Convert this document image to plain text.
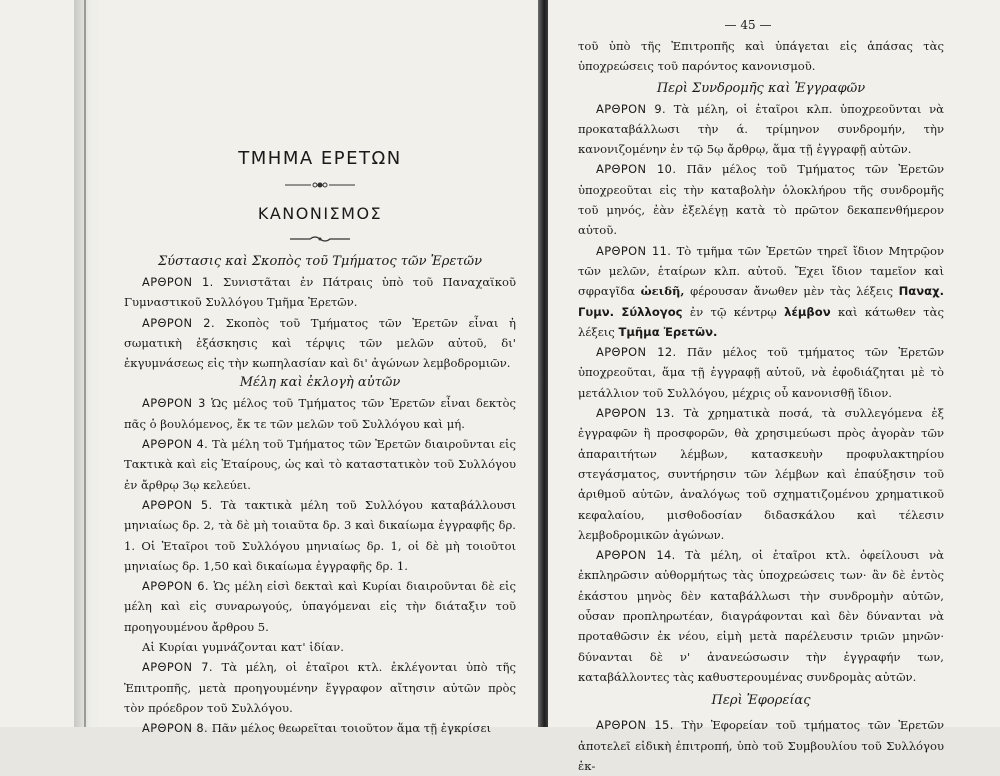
ΤΜΗΜΑ ΕΡΕΤΩΝ
ΚΑΝΟΝΙΣΜΟΣ
Σύστασις καὶ Σκοπὸς τοῦ Τμήματος τῶν Ἐρετῶν

ΑΡΘΡΟΝ 1. Συνιστᾶται ἐν Πάτραις ὑπὸ τοῦ Παναχαϊκοῦ Γυμναστικοῦ Συλλόγου Τμῆμα Ἐρετῶν.

ΑΡΘΡΟΝ 2. Σκοπὸς τοῦ Τμήματος τῶν Ἐρετῶν εἶναι ἡ σωματικὴ ἐξάσκησις καὶ τέρψις τῶν μελῶν αὐτοῦ, δι' ἐκγυμνάσεως εἰς τὴν κωπηλασίαν καὶ δι' ἀγώνων λεμβοδρομιῶν.

Μέλη καὶ ἐκλογὴ αὐτῶν

ΑΡΘΡΟΝ 3 Ὡς μέλος τοῦ Τμήματος τῶν Ἐρετῶν εἶναι δεκτὸς πᾶς ὁ βουλόμενος, ἔκ τε τῶν μελῶν τοῦ Συλλόγου καὶ μή.

ΑΡΘΡΟΝ 4. Τὰ μέλη τοῦ Τμήματος τῶν Ἐρετῶν διαιροῦνται εἰς Τακτικὰ καὶ εἰς Ἑταίρους, ὡς καὶ τὸ καταστατικὸν τοῦ Συλλόγου ἐν ἄρθρῳ 3ῳ κελεύει.

ΑΡΘΡΟΝ 5. Τὰ τακτικὰ μέλη τοῦ Συλλόγου καταβάλλουσι μηνιαίως δρ. 2, τὰ δὲ μὴ τοιαῦτα δρ. 3 καὶ δικαίωμα ἐγγραφῆς δρ. 1. Οἱ Ἑταῖροι τοῦ Συλλόγου μηνιαίως δρ. 1, οἱ δὲ μὴ τοιοῦτοι μηνιαίως δρ. 1,50 καὶ δικαίωμα ἐγγραφῆς δρ. 1.

ΑΡΘΡΟΝ 6. Ὡς μέλη εἰσὶ δεκταὶ καὶ Κυρίαι διαιροῦνται δὲ εἰς μέλη καὶ εἰς συναρωγούς, ὑπαγόμεναι εἰς τὴν διάταξιν τοῦ προηγουμένου ἄρθρου 5.

Αἱ Κυρίαι γυμνάζονται κατ' ἰδίαν.

ΑΡΘΡΟΝ 7. Τὰ μέλη, οἱ ἑταῖροι κτλ. ἐκλέγονται ὑπὸ τῆς Ἐπιτροπῆς, μετὰ προηγουμένην ἔγγραφον αἴτησιν αὐτῶν πρὸς τὸν πρόεδρον τοῦ Συλλόγου.

ΑΡΘΡΟΝ 8. Πᾶν μέλος θεωρεῖται τοιοῦτον ἅμα τῇ ἐγκρίσει

— 45 —

τοῦ ὑπὸ τῆς Ἐπιτροπῆς καὶ ὑπάγεται εἰς ἁπάσας τὰς ὑποχρεώσεις τοῦ παρόντος κανονισμοῦ.

Περὶ Συνδρομῆς καὶ Ἐγγραφῶν

ΑΡΘΡΟΝ 9. Τὰ μέλη, οἱ ἑταῖροι κλπ. ὑποχρεοῦνται νὰ προκαταβάλλωσι τὴν ά. τρίμηνον συνδρομήν, τὴν κανονιζομένην ἐν τῷ 5ῳ ἄρθρῳ, ἅμα τῇ ἐγγραφῇ αὐτῶν.

ΑΡΘΡΟΝ 10. Πᾶν μέλος τοῦ Τμήματος τῶν Ἐρετῶν ὑποχρεοῦται εἰς τὴν καταβολὴν ὁλοκλήρου τῆς συνδρομῆς τοῦ μηνός, ἐὰν ἐξελέγῃ κατὰ τὸ πρῶτον δεκαπενθήμερον αὐτοῦ.

ΑΡΘΡΟΝ 11. Τὸ τμῆμα τῶν Ἐρετῶν τηρεῖ ἴδιον Μητρῷον τῶν μελῶν, ἑταίρων κλπ. αὐτοῦ. Ἔχει ἴδιον ταμεῖον καὶ σφραγῖδα ὡειδῆ, φέρουσαν ἄνωθεν μὲν τὰς λέξεις Παναχ. Γυμν. Σύλλογος ἐν τῷ κέντρῳ λέμβον καὶ κάτωθεν τὰς λέξεις Τμῆμα Ἐρετῶν.

ΑΡΘΡΟΝ 12. Πᾶν μέλος τοῦ τμήματος τῶν Ἐρετῶν ὑποχρεοῦται, ἅμα τῇ ἐγγραφῇ αὐτοῦ, νὰ ἐφοδιάζηται μὲ τὸ μετάλλιον τοῦ Συλλόγου, μέχρις οὗ κανονισθῇ ἴδιον.

ΑΡΘΡΟΝ 13. Τὰ χρηματικὰ ποσά, τὰ συλλεγόμενα ἐξ ἐγγραφῶν ἢ προσφορῶν, θὰ χρησιμεύωσι πρὸς ἀγορὰν τῶν ἀπαραιτήτων λέμβων, κατασκευὴν προφυλακτηρίου στεγάσματος, συντήρησιν τῶν λέμβων καὶ ἐπαύξησιν τοῦ ἀριθμοῦ αὐτῶν, ἀναλόγως τοῦ σχηματιζομένου χρηματικοῦ κεφαλαίου, μισθοδοσίαν διδασκάλου καὶ τέλεσιν λεμβοδρομικῶν ἀγώνων.

ΑΡΘΡΟΝ 14. Τὰ μέλη, οἱ ἑταῖροι κτλ. ὀφείλουσι νὰ ἐκπληρῶσιν αὐθορμήτως τὰς ὑποχρεώσεις των· ἂν δὲ ἐντὸς ἑκάστου μηνὸς δὲν καταβάλλωσι τὴν συνδρομὴν αὐτῶν, οὖσαν προπληρωτέαν, διαγράφονται καὶ δὲν δύνανται νὰ προταθῶσιν ἐκ νέου, εἰμὴ μετὰ παρέλευσιν τριῶν μηνῶν· δύνανται δὲ ν' ἀνανεώσωσιν τὴν ἐγγραφήν των, καταβάλλοντες τὰς καθυστερουμένας συνδρομὰς αὐτῶν.

Περὶ Ἐφορείας

ΑΡΘΡΟΝ 15. Τὴν Ἐφορείαν τοῦ τμήματος τῶν Ἐρετῶν ἀποτελεῖ εἰδικὴ ἐπιτροπή, ὑπὸ τοῦ Συμβουλίου τοῦ Συλλόγου ἐκ-
